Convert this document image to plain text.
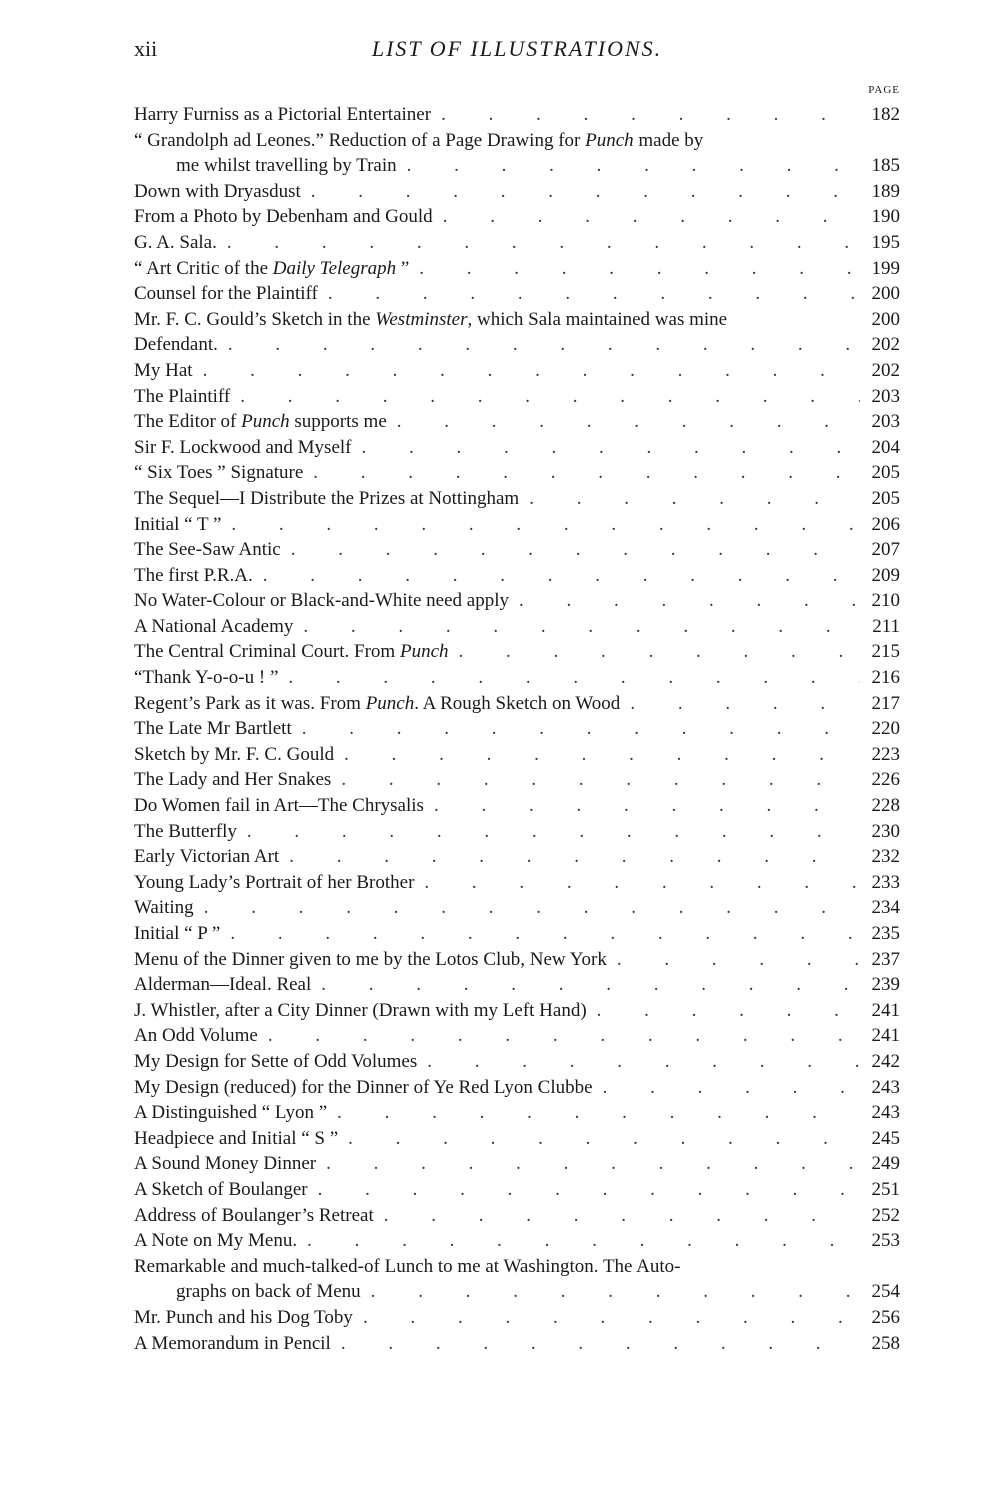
xii	LIST OF ILLUSTRATIONS.
PAGE
Harry Furniss as a Pictorial Entertainer . . .	182
“ Grandolph ad Leones.” Reduction of a Page Drawing for Punch made by
me whilst travelling by Train . . .	185
Down with Dryasdust . . .	189
From a Photo by Debenham and Gould . . .	190
G. A. Sala. . . .	195
“ Art Critic of the Daily Telegraph ” . . .	199
Counsel for the Plaintiff . . .	200
Mr. F. C. Gould’s Sketch in the Westminster, which Sala maintained was mine	200
Defendant. . . .	202
My Hat . . .	202
The Plaintiff . . .	203
The Editor of Punch supports me . . .	203
Sir F. Lockwood and Myself . . .	204
“ Six Toes ” Signature . . .	205
The Sequel—I Distribute the Prizes at Nottingham . . .	205
Initial “ T ” . . .	206
The See-Saw Antic . . .	207
The first P.R.A. . . .	209
No Water-Colour or Black-and-White need apply . . .	210
A National Academy . . .	211
The Central Criminal Court. From Punch . . .	215
“Thank Y-o-o-u ! ” . . .	216
Regent’s Park as it was. From Punch. A Rough Sketch on Wood . . .	217
The Late Mr Bartlett . . .	220
Sketch by Mr. F. C. Gould . . .	223
The Lady and Her Snakes . . .	226
Do Women fail in Art—The Chrysalis . . .	228
The Butterfly . . .	230
Early Victorian Art . . .	232
Young Lady’s Portrait of her Brother . . .	233
Waiting . . .	234
Initial “ P ” . . .	235
Menu of the Dinner given to me by the Lotos Club, New York . . .	237
Alderman—Ideal. Real . . .	239
J. Whistler, after a City Dinner (Drawn with my Left Hand) . . .	241
An Odd Volume . . .	241
My Design for Sette of Odd Volumes . . .	242
My Design (reduced) for the Dinner of Ye Red Lyon Clubbe . . .	243
A Distinguished “ Lyon ” . . .	243
Headpiece and Initial “ S ” . . .	245
A Sound Money Dinner . . .	249
A Sketch of Boulanger . . .	251
Address of Boulanger’s Retreat . . .	252
A Note on My Menu. . . .	253
Remarkable and much-talked-of Lunch to me at Washington. The Auto-
graphs on back of Menu . . .	254
Mr. Punch and his Dog Toby . . .	256
A Memorandum in Pencil . . .	258
